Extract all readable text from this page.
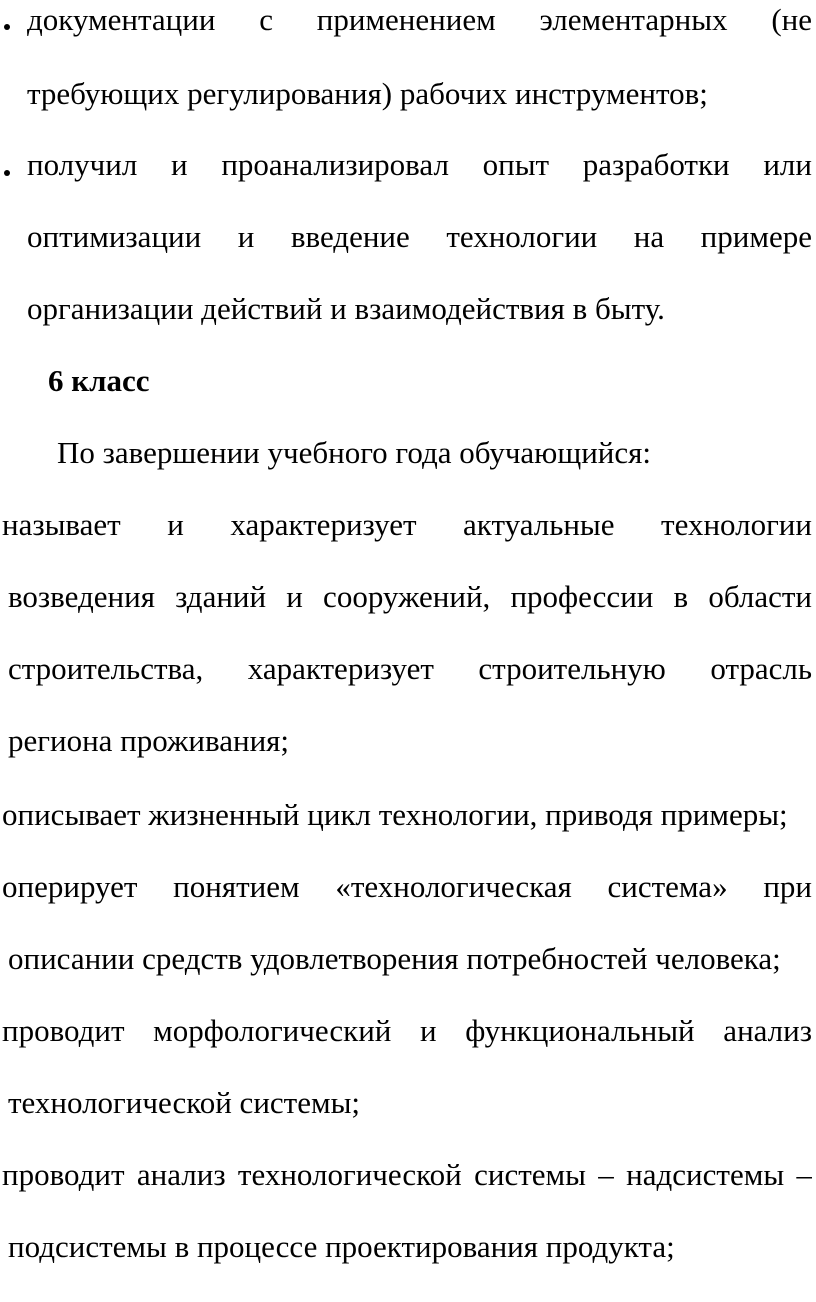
документации с применением элементарных (не
требующих регулирования) рабочих инструментов;
получил и проанализировал опыт разработки или
оптимизации и введение технологии на примере
организации действий и взаимодействия в быту.
6 класс
По завершении учебного года обучающийся:
называет и характеризует актуальные технологии
возведения зданий и сооружений, профессии в области
строительства, характеризует строительную отрасль
региона проживания;
описывает жизненный цикл технологии, приводя примеры;
оперирует понятием «технологическая система» при
описании средств удовлетворения потребностей человека;
проводит морфологический и функциональный анализ
технологической системы;
проводит анализ технологической системы – надсистемы –
подсистемы в процессе проектирования продукта;
